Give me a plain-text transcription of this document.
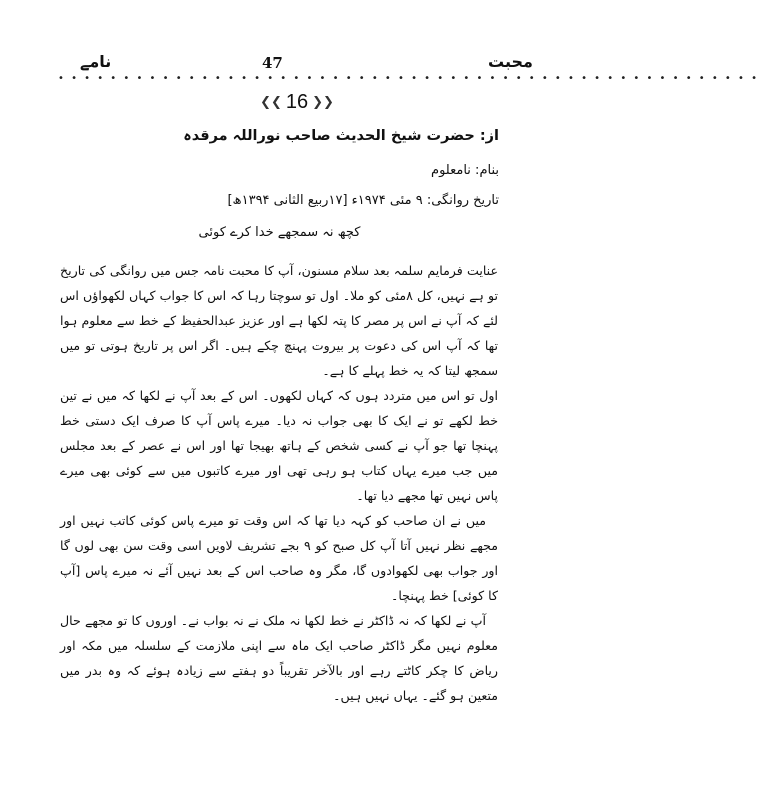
محبت
47
نامے
• • • • • • • • • • • • • • • • • • • • • • • • • • • • • • • • • • • • • • • • • • • • • • • • • • • • • •
❮❮ 16 ❯❯
از: حضرت شیخ الحدیث صاحب نوراللہ مرقدہ
بنام: نامعلوم
تاریخ روانگی: ۹ مئی ۱۹۷۴ء [۱۷ربیع الثانی ۱۳۹۴ھ]
کچھ نہ سمجھے خدا کرے کوئی

عنایت فرمایم سلمہ بعد سلام مسنون، آپ کا محبت نامہ جس میں روانگی کی تاریخ تو ہے نہیں، کل ۸مئی کو ملا۔ اول تو سوچتا رہا کہ اس کا جواب کہاں لکھواؤں اس لئے کہ آپ نے اس پر مصر کا پتہ لکھا ہے اور عزیز عبدالحفیظ کے خط سے معلوم ہوا تھا کہ آپ اس کی دعوت پر بیروت پہنچ چکے ہیں۔ اگر اس پر تاریخ ہوتی تو میں سمجھ لیتا کہ یہ خط پہلے کا ہے۔

اول تو اس میں متردد ہوں کہ کہاں لکھوں۔ اس کے بعد آپ نے لکھا کہ میں نے تین خط لکھے تو نے ایک کا بھی جواب نہ دیا۔ میرے پاس آپ کا صرف ایک دستی خط پہنچا تھا جو آپ نے کسی شخص کے ہاتھ بھیجا تھا اور اس نے عصر کے بعد مجلس میں جب میرے یہاں کتاب ہو رہی تھی اور میرے کاتبوں میں سے کوئی بھی میرے پاس نہیں تھا مجھے دیا تھا۔

میں نے ان صاحب کو کہہ دیا تھا کہ اس وقت تو میرے پاس کوئی کاتب نہیں اور مجھے نظر نہیں آتا آپ کل صبح کو ۹ بجے تشریف لاویں اسی وقت سن بھی لوں گا اور جواب بھی لکھوادوں گا، مگر وہ صاحب اس کے بعد نہیں آئے نہ میرے پاس [آپ کا کوئی] خط پہنچا۔

آپ نے لکھا کہ نہ ڈاکٹر نے خط لکھا نہ ملک نے نہ بواب نے۔ اوروں کا تو مجھے حال معلوم نہیں مگر ڈاکٹر صاحب ایک ماہ سے اپنی ملازمت کے سلسلہ میں مکہ اور ریاض کا چکر کاٹتے رہے اور بالآخر تقریباً دو ہفتے سے زیادہ ہوئے کہ وہ بدر میں متعین ہو گئے۔ یہاں نہیں ہیں۔
